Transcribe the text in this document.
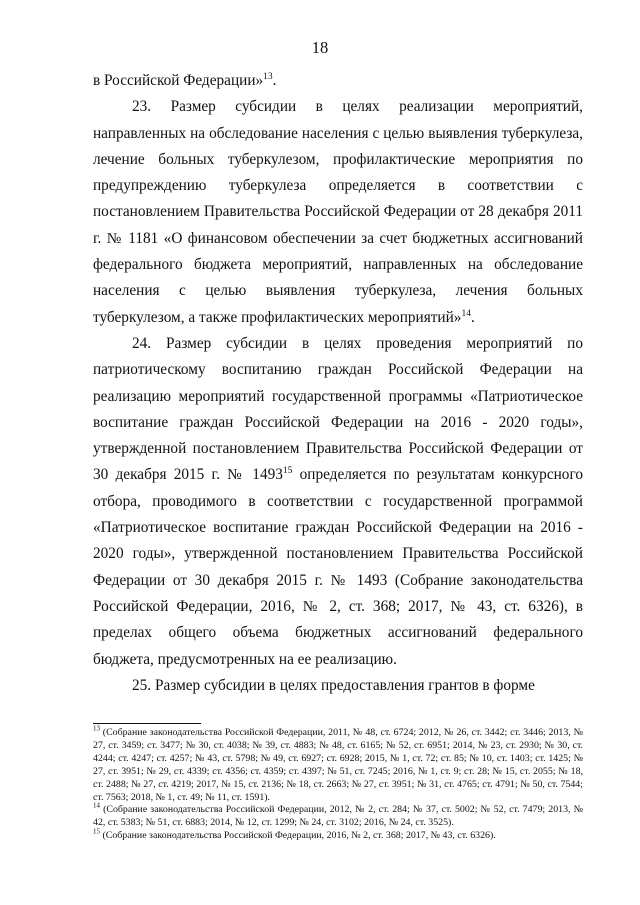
18

в Российской Федерации»$^{13}$.

23. Размер субсидии в целях реализации мероприятий, направленных на обследование населения с целью выявления туберкулеза, лечение больных туберкулезом, профилактические мероприятия по предупреждению туберкулеза определяется в соответствии с постановлением Правительства Российской Федерации от 28 декабря 2011 г. № 1181 «О финансовом обеспечении за счет бюджетных ассигнований федерального бюджета мероприятий, направленных на обследование населения с целью выявления туберкулеза, лечения больных туберкулезом, а также профилактических мероприятий»$^{14}$.

24. Размер субсидии в целях проведения мероприятий по патриотическому воспитанию граждан Российской Федерации на реализацию мероприятий государственной программы «Патриотическое воспитание граждан Российской Федерации на 2016 - 2020 годы», утвержденной постановлением Правительства Российской Федерации от 30 декабря 2015 г. № 1493$^{15}$ определяется по результатам конкурсного отбора, проводимого в соответствии с государственной программой «Патриотическое воспитание граждан Российской Федерации на 2016 - 2020 годы», утвержденной постановлением Правительства Российской Федерации от 30 декабря 2015 г. № 1493 (Собрание законодательства Российской Федерации, 2016, № 2, ст. 368; 2017, № 43, ст. 6326), в пределах общего объема бюджетных ассигнований федерального бюджета, предусмотренных на ее реализацию.

25. Размер субсидии в целях предоставления грантов в форме

$^{13}$ (Собрание законодательства Российской Федерации, 2011, № 48, ст. 6724; 2012, № 26, ст. 3442; ст. 3446; 2013, № 27, ст. 3459; ст. 3477; № 30, ст. 4038; № 39, ст. 4883; № 48, ст. 6165; № 52, ст. 6951; 2014, № 23, ст. 2930; № 30, ст. 4244; ст. 4247; ст. 4257; № 43, ст. 5798; № 49, ст. 6927; ст. 6928; 2015, № 1, ст. 72; ст. 85; № 10, ст. 1403; ст. 1425; № 27, ст. 3951; № 29, ст. 4339; ст. 4356; ст. 4359; ст. 4397; № 51, ст. 7245; 2016, № 1, ст. 9; ст. 28; № 15, ст. 2055; № 18, ст. 2488; № 27, ст. 4219; 2017, № 15, ст. 2136; № 18, ст. 2663; № 27, ст. 3951; № 31, ст. 4765; ст. 4791; № 50, ст. 7544; ст. 7563; 2018, № 1, ст. 49; № 11, ст. 1591).

$^{14}$ (Собрание законодательства Российской Федерации, 2012, № 2, ст. 284; № 37, ст. 5002; № 52, ст. 7479; 2013, № 42, ст. 5383; № 51, ст. 6883; 2014, № 12, ст. 1299; № 24, ст. 3102; 2016, № 24, ст. 3525).

$^{15}$ (Собрание законодательства Российской Федерации, 2016, № 2, ст. 368; 2017, № 43, ст. 6326).
